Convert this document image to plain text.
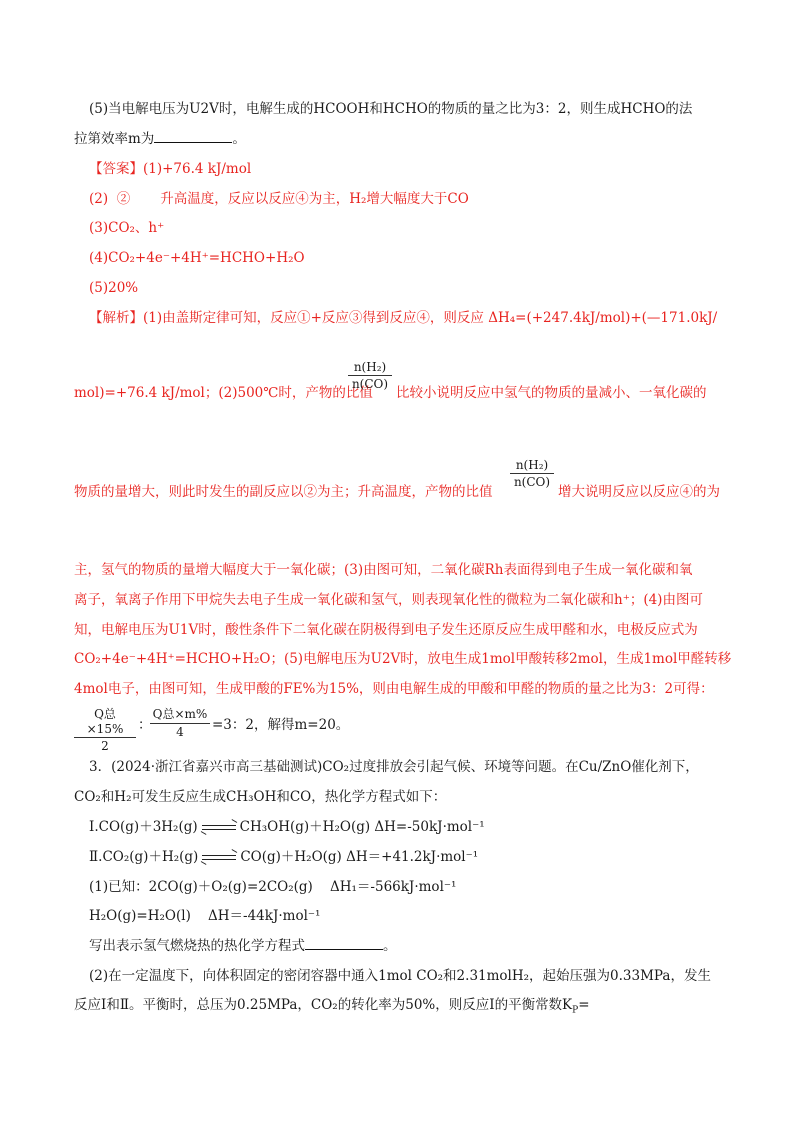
(5)当电解电压为U2V时，电解生成的HCOOH和HCHO的物质的量之比为3：2，则生成HCHO的法
拉第效率m为	。
【答案】(1)+76.4 kJ/mol
(2)  ②       升高温度，反应以反应④为主，H₂增大幅度大于CO
(3)CO₂、h⁺
(4)CO₂+4e⁻+4H⁺=HCHO+H₂O
(5)20%
【解析】(1)由盖斯定律可知，反应①+反应③得到反应④，则反应 ΔH₄=(+247.4kJ/mol)+(—171.0kJ/
mol)=+76.4 kJ/mol；(2)500℃时，产物的比值
n(H₂)
n(CO)
比较小说明反应中氢气的物质的量减小、一氧化碳的
物质的量增大，则此时发生的副反应以②为主；升高温度，产物的比值
n(H₂)
n(CO)
增大说明反应以反应④的为
主，氢气的物质的量增大幅度大于一氧化碳；(3)由图可知，二氧化碳Rh表面得到电子生成一氧化碳和氧
离子，氧离子作用下甲烷失去电子生成一氧化碳和氢气，则表现氧化性的微粒为二氧化碳和h⁺；(4)由图可
知，电解电压为U1V时，酸性条件下二氧化碳在阴极得到电子发生还原反应生成甲醛和水，电极反应式为
CO₂+4e⁻+4H⁺=HCHO+H₂O；(5)电解电压为U2V时，放电生成1mol甲酸转移2mol，生成1mol甲醛转移
4mol电子，由图可知，生成甲酸的FE%为15%，则由电解生成的甲酸和甲醛的物质的量之比为3：2可得：
Q总×15%
2
：
Q总×m%
4	=3：2，解得m=20。
3．(2024·浙江省嘉兴市高三基础测试)CO₂过度排放会引起气候、环境等问题。在Cu/ZnO催化剂下，
CO₂和H₂可发生反应生成CH₃OH和CO，热化学方程式如下：
Ⅰ.CO(g)＋3H₂(g)	CH₃OH(g)＋H₂O(g) ΔH=-50kJ·mol⁻¹
Ⅱ.CO₂(g)＋H₂(g)	CO(g)＋H₂O(g) ΔH＝+41.2kJ·mol⁻¹
(1)已知：2CO(g)＋O₂(g)=2CO₂(g)    ΔH₁＝-566kJ·mol⁻¹
H₂O(g)=H₂O(l)    ΔH＝-44kJ·mol⁻¹
写出表示氢气燃烧热的热化学方程式	。
(2)在一定温度下，向体积固定的密闭容器中通入1mol CO₂和2.31molH₂，起始压强为0.33MPa，发生
反应Ⅰ和Ⅱ。平衡时，总压为0.25MPa，CO₂的转化率为50%，则反应Ⅰ的平衡常数$K_P=$
